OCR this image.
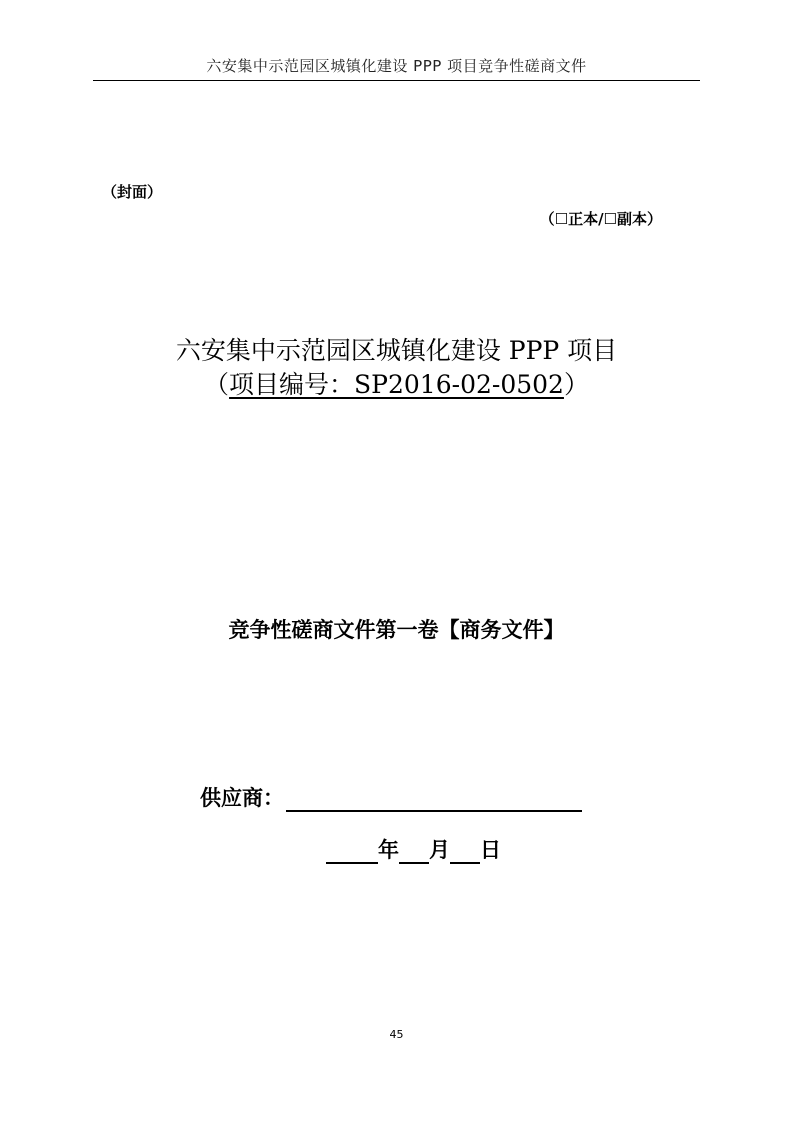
六安集中示范园区城镇化建设 PPP 项目竞争性磋商文件
（封面）
（☐正本/☐副本）
六安集中示范园区城镇化建设 PPP 项目
（项目编号：SP2016-02-0502）
竞争性磋商文件第一卷【商务文件】
供应商：
年 月 日
45
